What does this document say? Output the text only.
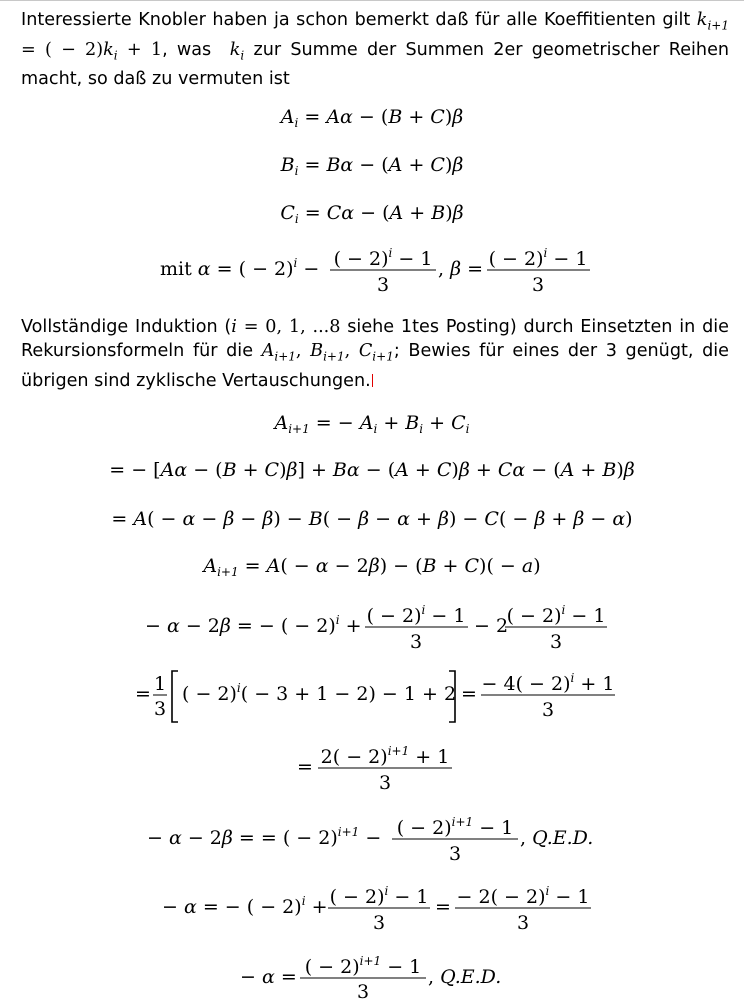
Interessierte Knobler haben ja schon bemerkt daß für alle Koeffitienten gilt $k_{i+1}$ = ( − $2)k_i + 1$, was $k_i$ zur Summe der Summen 2er geometrischer Reihen macht, so daß zu vermuten ist
$A_i = A\alpha - (B + C)\beta$
$B_i = B\alpha - (A + C)\beta$
$C_i = C\alpha - (A + B)\beta$
mit α = ( − 2)$^i$ − ( − 2)$^i$ − 1
3
, β = ( − 2)$^i$ − 1
3
Vollständige Induktion (i = 0, 1, ...8 siehe 1tes Posting) durch Einsetzten in die Rekursionsformeln für die $A_{i+1}$, $B_{i+1}$, $C_{i+1}$; Bewies für eines der 3 genügt, die übrigen sind zyklische Vertauschungen.
$A_{i+1}$ = − $A_i + B_i + C_i$
= − [Aα − (B + C)β] + Bα − (A + C)β + Cα − (A + B)β
= A( − α − β − β) − B( − β − α + β) − C( − β + β − α)
$A_{i+1} = A( - \alpha - 2\beta) - (B + C)( - a)$
− α − 2β = − ( − 2)$^i$ + ( − 2)$^i$ − 1
3
− 2
( − 2)$^i$ − 1
3
= 1
3
( − 2)$^i$( − 3 + 1 − 2) − 1 + 2 = − $4( - 2)^i + 1$
3
= $2( - 2)^{i+1} + 1$
3
− α − 2β = = ( − 2)$^{i+1}$ − ( − 2)$^{i+1}$ − 1
3
, Q.E.D.
− α = − ( − 2)$^i$ + ( − 2)$^i$ − 1
3
= − $2( - 2)^i - 1$
3
− α = ( − 2)$^{i+1}$ − 1
3
, Q.E.D.
